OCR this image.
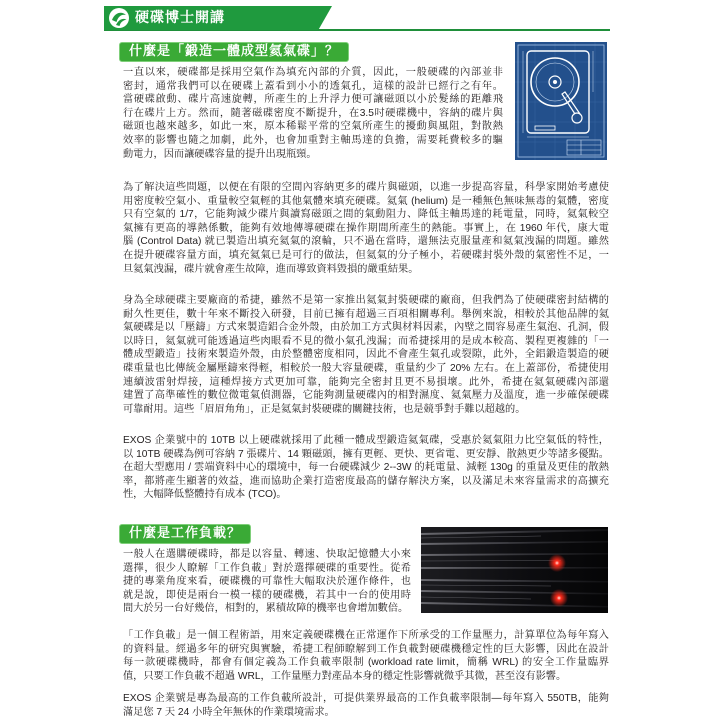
硬碟博士開講
什麼是「鍛造一體成型氦氣碟」？
一直以來，硬碟都是採用空氣作為填充內部的介質，因此，一般硬碟的內部並非
密封，通常我們可以在硬碟上蓋看到小小的透氣孔，這樣的設計已經行之有年。
當硬碟啟動、碟片高速旋轉，所產生的上升浮力便可讓磁頭以小於髮絲的距離飛
行在碟片上方。然而，隨著磁碟密度不斷提升，在3.5吋硬碟機中，容納的碟片與
磁頭也越來越多，如此一來，原本稀鬆平常的空氣所產生的擾動與風阻，對散熱
效率的影響也隨之加劇，此外，也會加重對主軸馬達的負擔，需要耗費較多的驅
動電力，因而讓硬碟容量的提升出現瓶頸。
為了解決這些問題，以便在有限的空間內容納更多的碟片與磁頭，以進一步提高容量，科學家開始考慮使
用密度較空氣小、重量較空氣輕的其他氣體來填充硬碟。氦氣 (helium) 是一種無色無味無毒的氣體，密度
只有空氣的 1/7，它能夠減少碟片與讀寫磁頭之間的氣動阻力、降低主軸馬達的耗電量，同時，氦氣較空
氣擁有更高的導熱係數，能夠有效地傳導硬碟在操作期間所產生的熱能。事實上，在 1960 年代，康大電
腦 (Control Data) 就已製造出填充氦氣的滾輪，只不過在當時，還無法克服量產和氦氣洩漏的問題。雖然
在提升硬碟容量方面，填充氦氣已是可行的做法，但氦氣的分子極小，若硬碟封裝外殼的氣密性不足，一
旦氦氣洩漏，碟片就會產生故障，進而導致資料毀損的嚴重結果。
身為全球硬碟主要廠商的希捷，雖然不是第一家推出氦氣封裝硬碟的廠商，但我們為了使硬碟密封結構的
耐久性更佳，數十年來不斷投入研發，目前已擁有超過三百項相關專利。舉例來說，相較於其他品牌的氦
氣硬碟是以「壓鑄」方式來製造鋁合金外殼，由於加工方式與材料因素，內壁之間容易產生氣泡、孔洞，假
以時日，氦氣就可能透過這些肉眼看不見的微小氣孔洩漏；而希捷採用的是成本較高、製程更複雜的「一
體成型鍛造」技術來製造外殼，由於整體密度相同，因此不會產生氣孔或裂隙，此外，全鋁鍛造製造的硬
碟重量也比傳統金屬壓鑄來得輕，相較於一般大容量硬碟，重量約少了 20% 左右。在上蓋部份，希捷使用
連續波雷射焊接，這種焊接方式更加可靠，能夠完全密封且更不易損壞。此外，希捷在氦氣硬碟內部還
建置了高準確性的數位微電氣偵測器，它能夠測量硬碟內的相對濕度、氦氣壓力及溫度，進一步確保硬碟
可靠耐用。這些「眉眉角角」，正是氦氣封裝硬碟的關鍵技術，也是競爭對手難以超越的。
EXOS 企業號中的 10TB 以上硬碟就採用了此種一體成型鍛造氦氣碟，受惠於氦氣阻力比空氣低的特性，
以 10TB 硬碟為例可容納 7 張碟片、14 顆磁頭，擁有更輕、更快、更省電、更安靜、散熱更少等諸多優點。
在超大型應用 / 雲端資料中心的環境中，每一台硬碟減少 2--3W 的耗電量、減輕 130g 的重量及更佳的散熱
率，都將產生顯著的效益，進而協助企業打造密度最高的儲存解決方案，以及滿足未來容量需求的高擴充
性，大幅降低整體持有成本 (TCO)。
什麼是工作負載？
一般人在選購硬碟時，都是以容量、轉速、快取記憶體大小來
選擇，很少人瞭解「工作負載」對於選擇硬碟的重要性。從希
捷的專業角度來看，硬碟機的可靠性大幅取決於運作條件，也
就是說，即使是兩台一模一樣的硬碟機，若其中一台的使用時
間大於另一台好幾倍，相對的，累積故障的機率也會增加數倍。
「工作負載」是一個工程術語，用來定義硬碟機在正常運作下所承受的工作量壓力，計算單位為每年寫入
的資料量。經過多年的研究與實驗，希捷工程師瞭解到工作負載對硬碟機穩定性的巨大影響，因此在設計
每一款硬碟機時，都會有個定義為工作負載率限制 (workload rate limit，簡稱 WRL) 的安全工作量臨界
值，只要工作負載不超過 WRL，工作量壓力對產品本身的穩定性影響就微乎其微，甚至沒有影響。
EXOS 企業號是專為最高的工作負載所設計，可提供業界最高的工作負載率限制—每年寫入 550TB，能夠
滿足您 7 天 24 小時全年無休的作業環境需求。
